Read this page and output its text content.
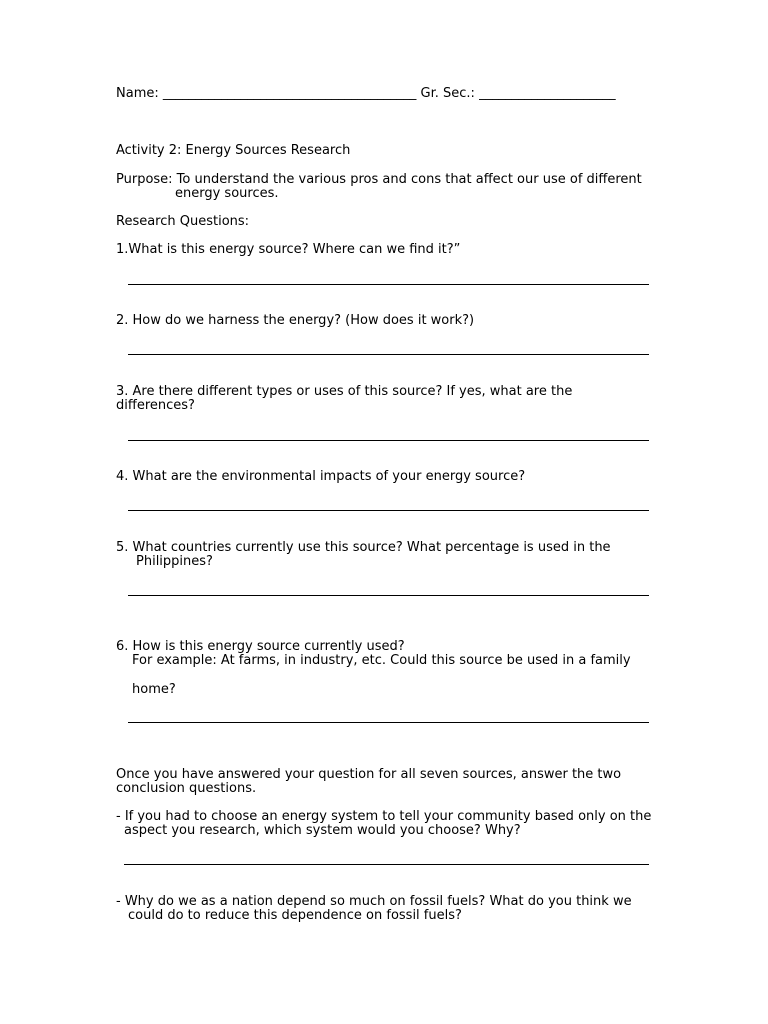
Name: _______________________________________ Gr. Sec.: _____________________
Activity 2: Energy Sources Research
Purpose: To understand the various pros and cons that affect our use of different
energy sources.
Research Questions:
1.What is this energy source? Where can we find it?”
2. How do we harness the energy? (How does it work?)
3. Are there different types or uses of this source? If yes, what are the
differences?
4. What are the environmental impacts of your energy source?
5. What countries currently use this source? What percentage is used in the
Philippines?
6. How is this energy source currently used?
For example: At farms, in industry, etc. Could this source be used in a family
home?
Once you have answered your question for all seven sources, answer the two
conclusion questions.
- If you had to choose an energy system to tell your community based only on the
aspect you research, which system would you choose? Why?
- Why do we as a nation depend so much on fossil fuels? What do you think we
could do to reduce this dependence on fossil fuels?
